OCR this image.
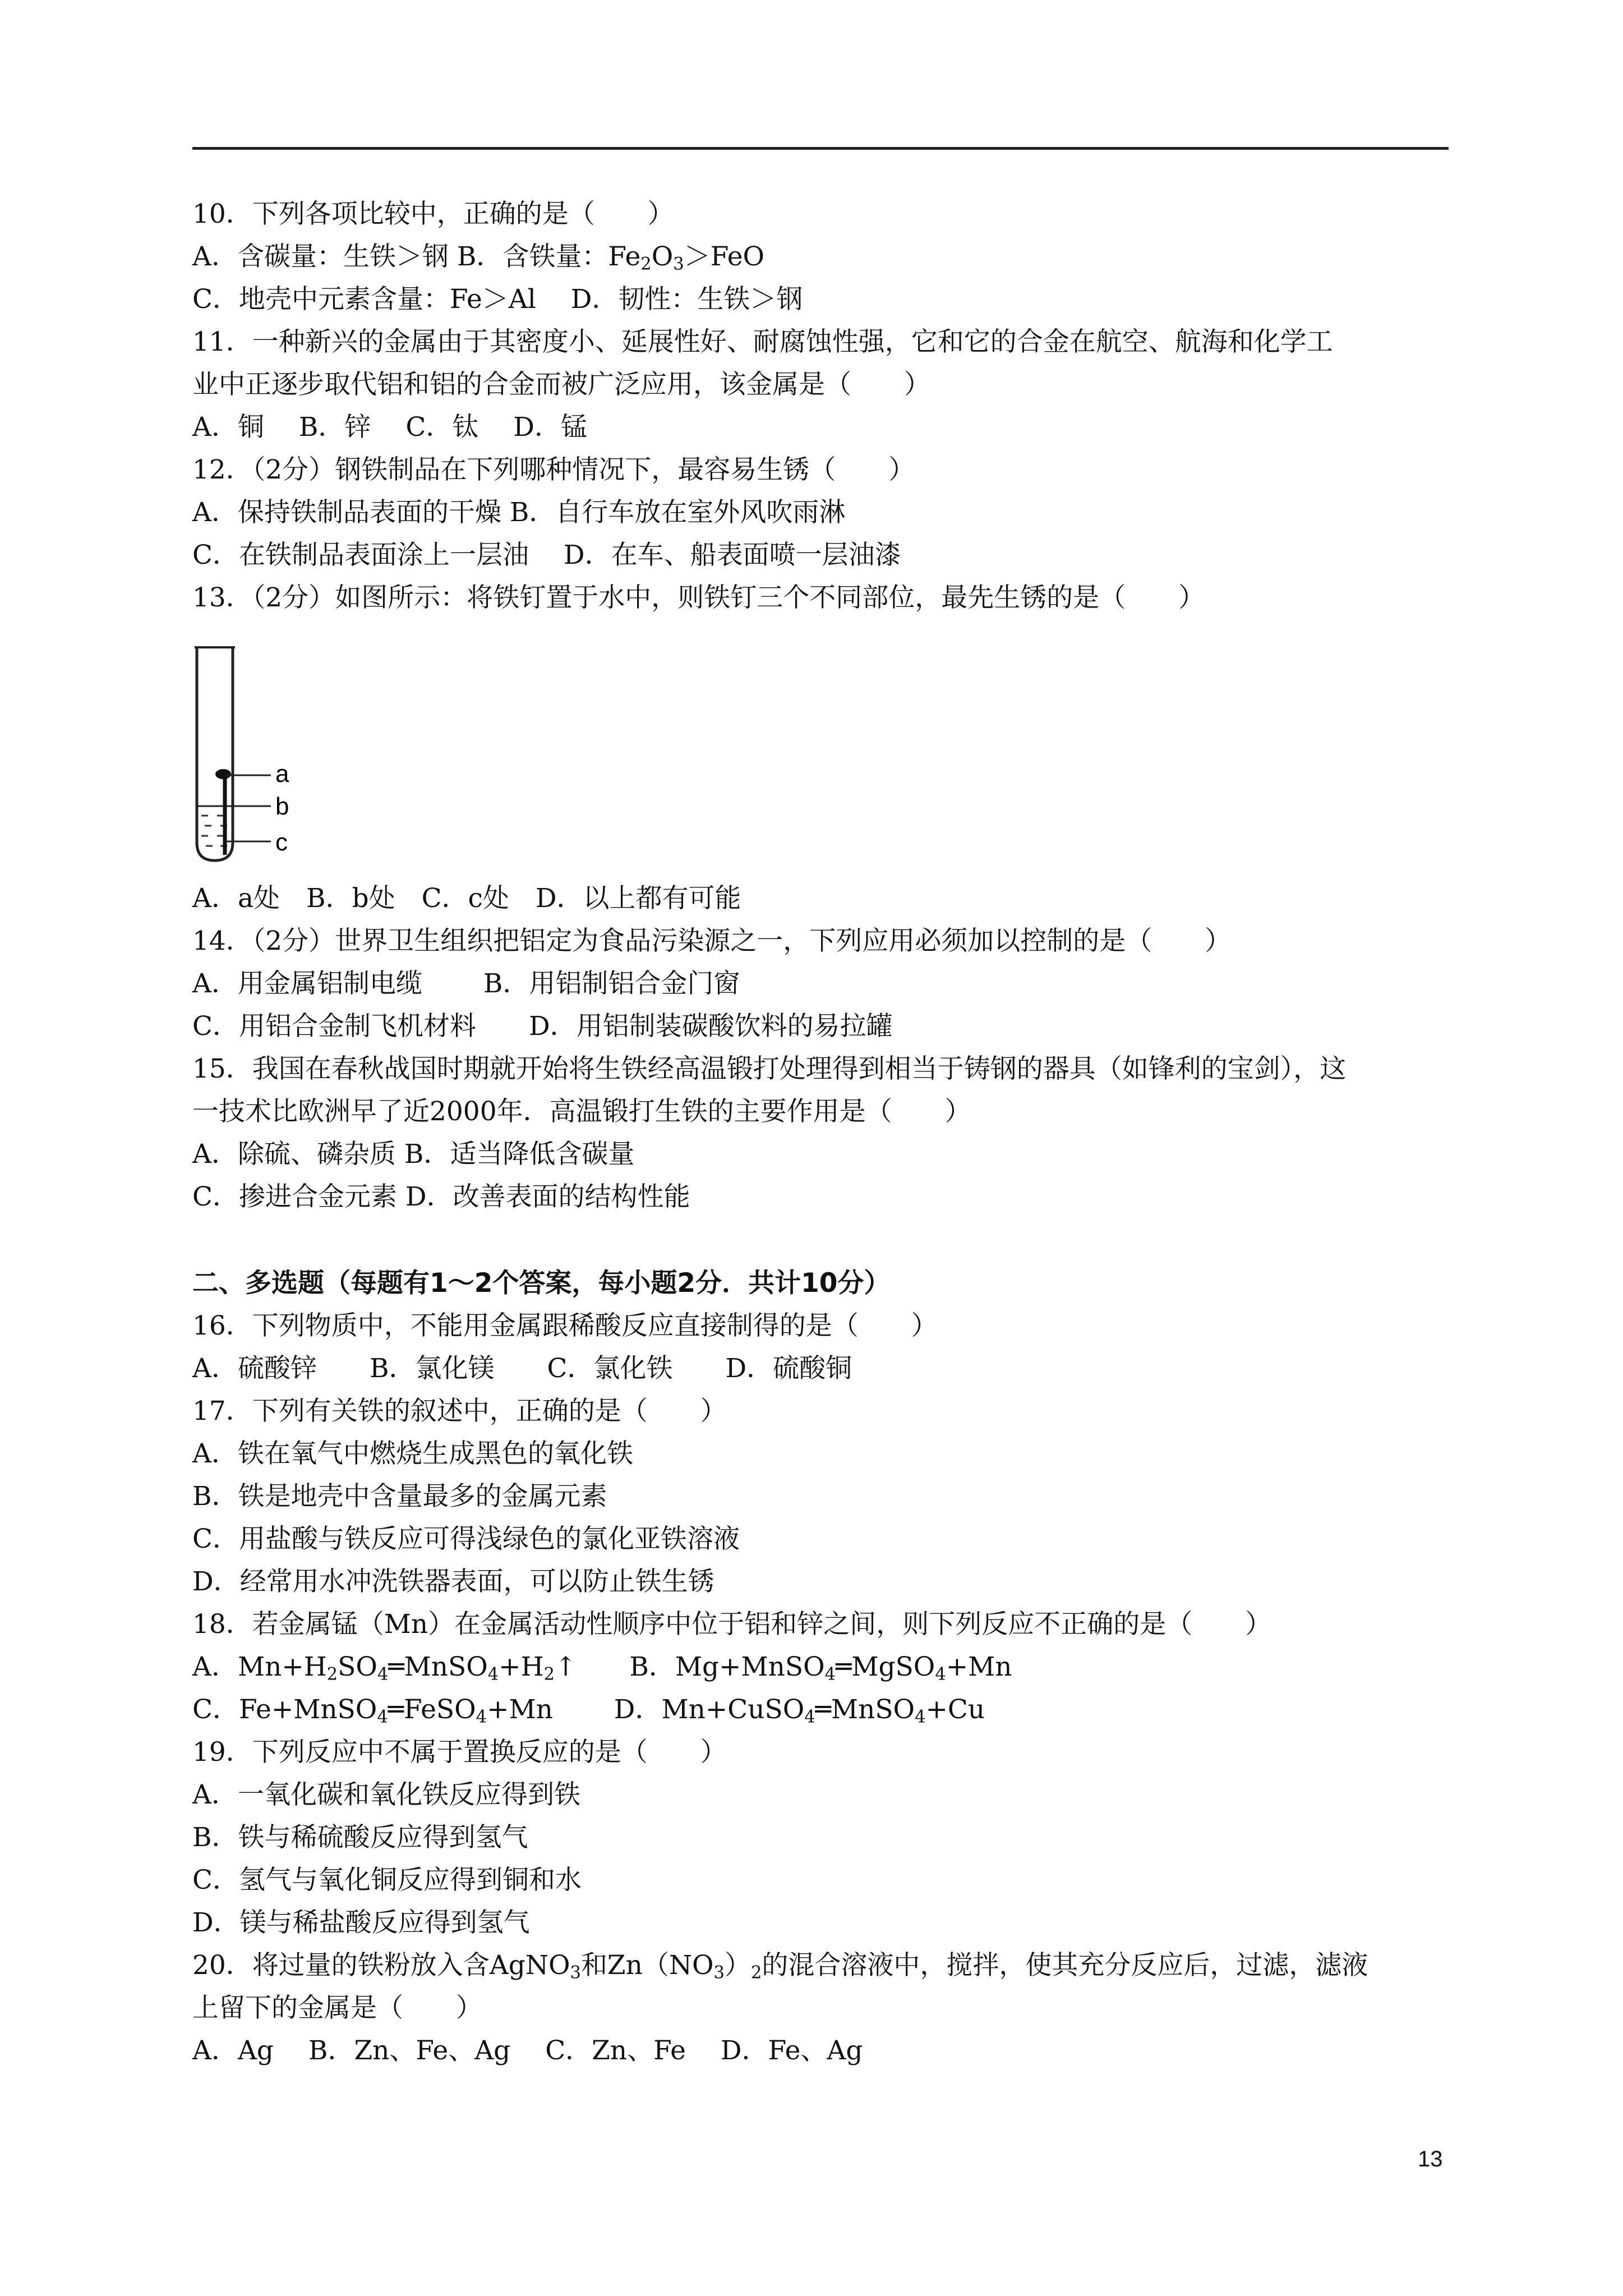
10．下列各项比较中，正确的是（　　）
A．含碳量：生铁＞钢 B．含铁量：$Fe_2O_3>FeO$
C．地壳中元素含量：Fe＞Al　 D．韧性：生铁＞钢
11．一种新兴的金属由于其密度小、延展性好、耐腐蚀性强，它和它的合金在航空、航海和化学工
业中正逐步取代铝和铝的合金而被广泛应用，该金属是（　　）
A．铜　 B．锌　 C．钛　 D．锰
12．（2分）钢铁制品在下列哪种情况下，最容易生锈（　　）
A．保持铁制品表面的干燥 B．自行车放在室外风吹雨淋
C．在铁制品表面涂上一层油　 D．在车、船表面喷一层油漆
13．（2分）如图所示：将铁钉置于水中，则铁钉三个不同部位，最先生锈的是（　　）
a
b
c
A．a处　B．b处　C．c处　D．以上都有可能
14．（2分）世界卫生组织把铝定为食品污染源之一，下列应用必须加以控制的是（　　）
A．用金属铝制电缆　　 B．用铝制铝合金门窗
C．用铝合金制飞机材料　　D．用铝制装碳酸饮料的易拉罐
15．我国在春秋战国时期就开始将生铁经高温锻打处理得到相当于铸钢的器具（如锋利的宝剑），这
一技术比欧洲早了近2000年．高温锻打生铁的主要作用是（　　）
A．除硫、磷杂质 B．适当降低含碳量
C．掺进合金元素 D．改善表面的结构性能
二、多选题（每题有1～2个答案，每小题2分．共计10分）
16．下列物质中，不能用金属跟稀酸反应直接制得的是（　　）
A．硫酸锌　　B．氯化镁　　C．氯化铁　　D．硫酸铜
17．下列有关铁的叙述中，正确的是（　　）
A．铁在氧气中燃烧生成黑色的氧化铁
B．铁是地壳中含量最多的金属元素
C．用盐酸与铁反应可得浅绿色的氯化亚铁溶液
D．经常用水冲洗铁器表面，可以防止铁生锈
18．若金属锰（Mn）在金属活动性顺序中位于铝和锌之间，则下列反应不正确的是（　　）
A．$Mn+H_2SO_4═MnSO_4+H_2↑$　　B．Mg+MnSO$_4$═MgSO$_4$+Mn
C．Fe+MnSO$_4$═FeSO$_4$+Mn　　 D．Mn+CuSO$_4$═MnSO$_4$+Cu
19．下列反应中不属于置换反应的是（　　）
A．一氧化碳和氧化铁反应得到铁
B．铁与稀硫酸反应得到氢气
C．氢气与氧化铜反应得到铜和水
D．镁与稀盐酸反应得到氢气
20．将过量的铁粉放入含AgNO$_3$和$Zn(NO_3)_2$的混合溶液中，搅拌，使其充分反应后，过滤，滤液
上留下的金属是（　　）
A．Ag　 B．Zn、Fe、Ag　 C．Zn、Fe　 D．Fe、Ag
13
